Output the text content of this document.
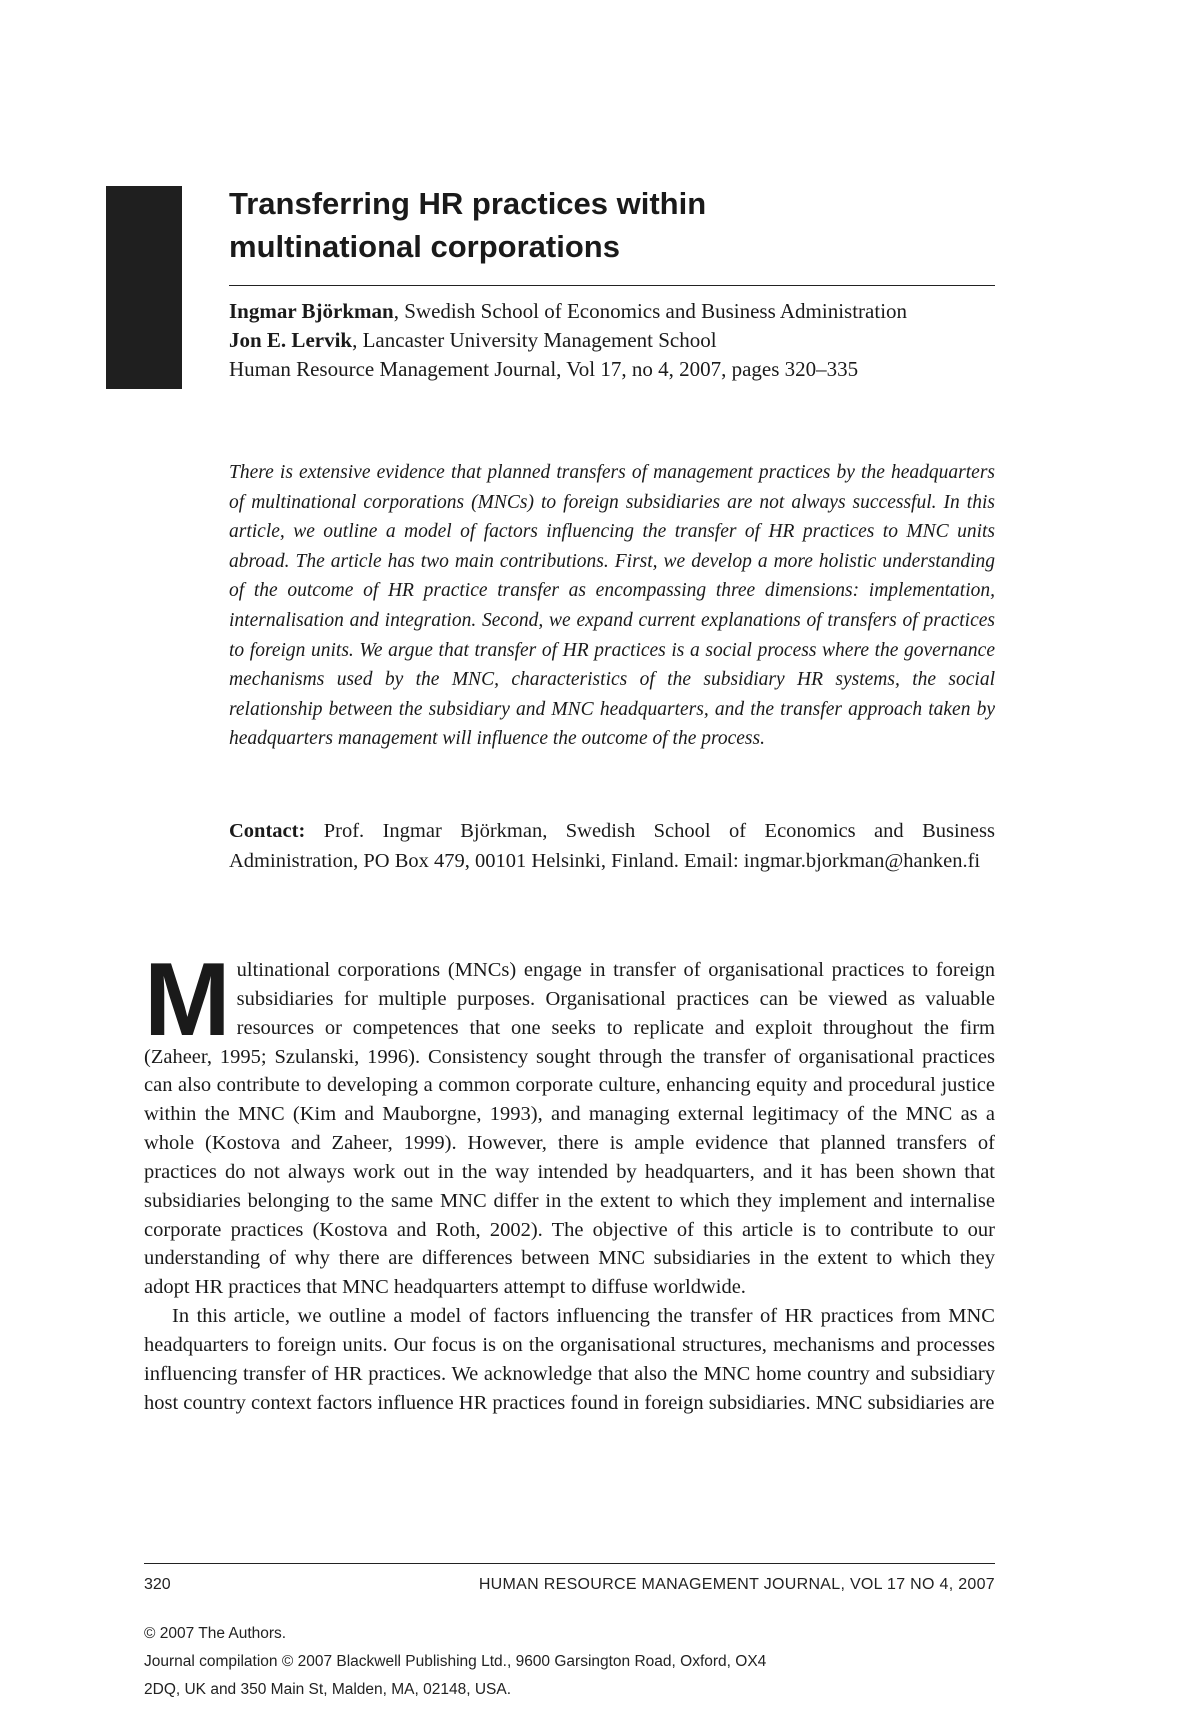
Transferring HR practices within
multinational corporations

Ingmar Björkman, Swedish School of Economics and Business Administration

Jon E. Lervik, Lancaster University Management School

Human Resource Management Journal, Vol 17, no 4, 2007, pages 320–335

There is extensive evidence that planned transfers of management practices by the headquarters of multinational corporations (MNCs) to foreign subsidiaries are not always successful. In this article, we outline a model of factors influencing the transfer of HR practices to MNC units abroad. The article has two main contributions. First, we develop a more holistic understanding of the outcome of HR practice transfer as encompassing three dimensions: implementation, internalisation and integration. Second, we expand current explanations of transfers of practices to foreign units. We argue that transfer of HR practices is a social process where the governance mechanisms used by the MNC, characteristics of the subsidiary HR systems, the social relationship between the subsidiary and MNC headquarters, and the transfer approach taken by headquarters management will influence the outcome of the process.

Contact: Prof. Ingmar Björkman, Swedish School of Economics and Business Administration, PO Box 479, 00101 Helsinki, Finland. Email: ingmar.bjorkman@hanken.fi

Multinational corporations (MNCs) engage in transfer of organisational practices to foreign subsidiaries for multiple purposes. Organisational practices can be viewed as valuable resources or competences that one seeks to replicate and exploit throughout the firm (Zaheer, 1995; Szulanski, 1996). Consistency sought through the transfer of organisational practices can also contribute to developing a common corporate culture, enhancing equity and procedural justice within the MNC (Kim and Mauborgne, 1993), and managing external legitimacy of the MNC as a whole (Kostova and Zaheer, 1999). However, there is ample evidence that planned transfers of practices do not always work out in the way intended by headquarters, and it has been shown that subsidiaries belonging to the same MNC differ in the extent to which they implement and internalise corporate practices (Kostova and Roth, 2002). The objective of this article is to contribute to our understanding of why there are differences between MNC subsidiaries in the extent to which they adopt HR practices that MNC headquarters attempt to diffuse worldwide.

In this article, we outline a model of factors influencing the transfer of HR practices from MNC headquarters to foreign units. Our focus is on the organisational structures, mechanisms and processes influencing transfer of HR practices. We acknowledge that also the MNC home country and subsidiary host country context factors influence HR practices found in foreign subsidiaries. MNC subsidiaries are

320	HUMAN RESOURCE MANAGEMENT JOURNAL, VOL 17 NO 4, 2007

© 2007 The Authors.

Journal compilation © 2007 Blackwell Publishing Ltd., 9600 Garsington Road, Oxford, OX4

2DQ, UK and 350 Main St, Malden, MA, 02148, USA.
